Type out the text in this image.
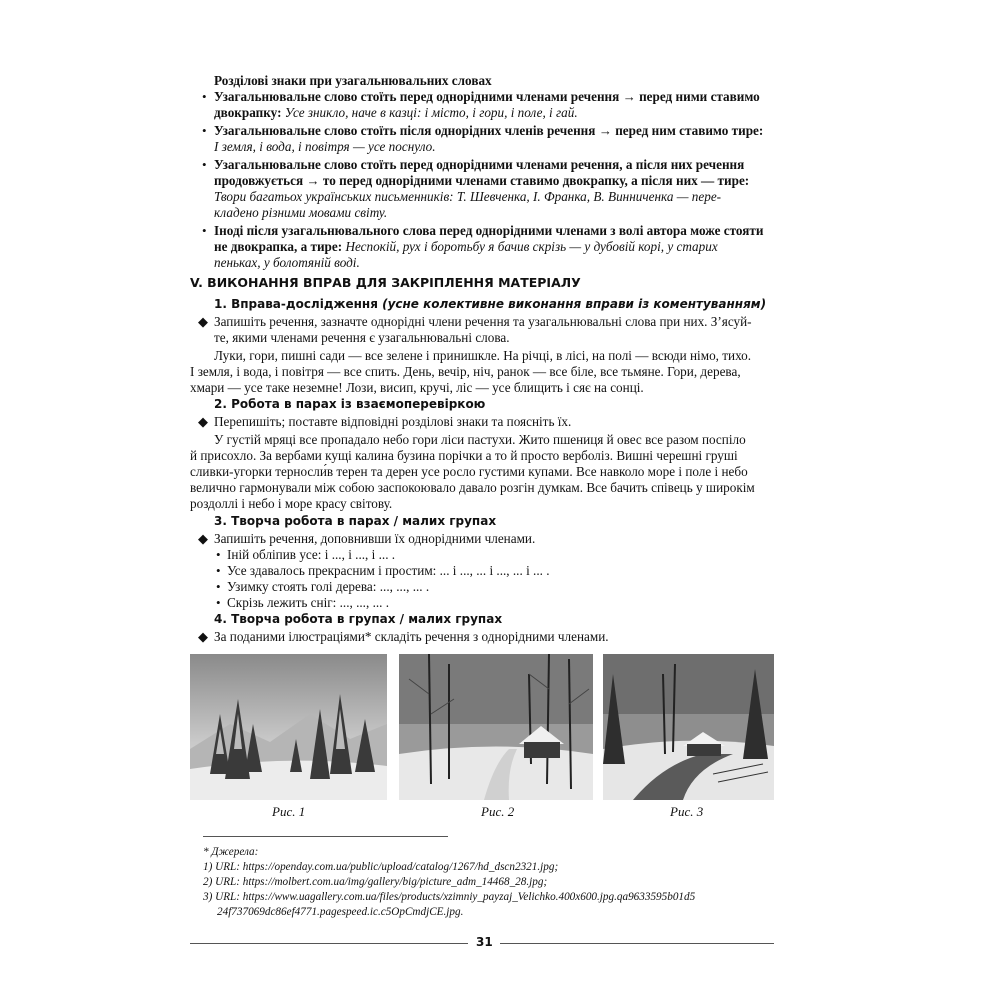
Розділові знаки при узагальнювальних словах
• Узагальнювальне слово стоїть перед однорідними членами речення → перед ними ставимо
двокрапку: Усе зникло, наче в казці: і місто, і гори, і поле, і гай.
• Узагальнювальне слово стоїть після однорідних членів речення → перед ним ставимо тире:
І земля, і вода, і повітря — усе поснуло.
• Узагальнювальне слово стоїть перед однорідними членами речення, а після них речення
продовжується → то перед однорідними членами ставимо двокрапку, а після них — тире:
Твори багатьох українських письменників: Т. Шевченка, І. Франка, В. Винниченка — пере-
кладено різними мовами світу.
• Іноді після узагальнювального слова перед однорідними членами з волі автора може стояти
не двокрапка, а тире: Неспокій, рух і боротьбу я бачив скрізь — у дубовій корі, у старих
пеньках, у болотяній воді.
V. ВИКОНАННЯ ВПРАВ ДЛЯ ЗАКРІПЛЕННЯ МАТЕРІАЛУ
1. Вправа-дослідження (усне колективне виконання вправи із коментуванням)
◆ Запишіть речення, зазначте однорідні члени речення та узагальнювальні слова при них. З’ясуй-
те, якими членами речення є узагальнювальні слова.
Луки, гори, пишні сади — все зелене і принишкле. На річці, в лісі, на полі — всюди німо, тихо.
І земля, і вода, і повітря — все спить. День, вечір, ніч, ранок — все біле, все тьмяне. Гори, дерева,
хмари — усе таке неземне! Лози, висип, кручі, ліс — усе блищить і сяє на сонці.
2. Робота в парах із взаємоперевіркою
◆ Перепишіть; поставте відповідні розділові знаки та поясніть їх.
У густій мряці все пропадало небо гори ліси пастухи. Жито пшениця й овес все разом поспіло
й присохло. За вербами кущі калина бузина порічки а то й просто верболіз. Вишні черешні груші
сливки-угорки терносли́в терен та дерен усе росло густими купами. Все навколо море і поле і небо
велично гармонували між собою заспокоювало давало розгін думкам. Все бачить співець у широкім
роздоллі і небо і море красу світову.
3. Творча робота в парах / малих групах
◆ Запишіть речення, доповнивши їх однорідними членами.
• Іній обліпив усе: і ..., і ..., і ... .
• Усе здавалось прекрасним і простим: ... і ..., ... і ..., ... і ... .
• Узимку стоять голі дерева: ..., ..., ... .
• Скрізь лежить сніг: ..., ..., ... .
4. Творча робота в групах / малих групах
◆ За поданими ілюстраціями* складіть речення з однорідними членами.
Рис. 1	Рис. 2	Рис. 3
* Джерела:
1) URL: https://openday.com.ua/public/upload/catalog/1267/hd_dscn2321.jpg;
2) URL: https://molbert.com.ua/img/gallery/big/picture_adm_14468_28.jpg;
3) URL: https://www.uagallery.com.ua/files/products/xzimniy_payzaj_Velichko.400x600.jpg.qa9633595b01d5
24f737069dc86ef4771.pagespeed.ic.c5OpCmdjCE.jpg.
31
